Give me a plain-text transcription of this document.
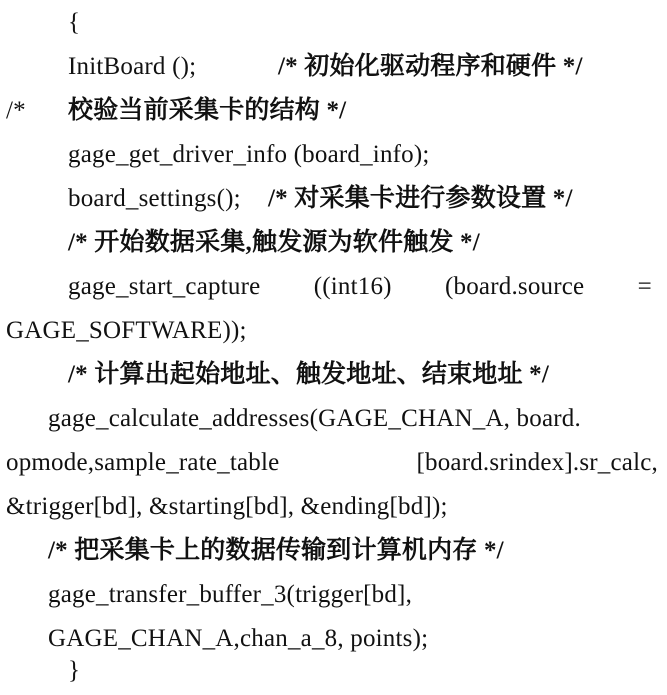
{
InitBoard ();	/* 初始化驱动程序和硬件 */
/* 校验当前采集卡的结构 */
gage_get_driver_info (board_info);
board_settings(); /* 对采集卡进行参数设置 */
/* 开始数据采集,触发源为软件触发 */
gage_start_capture ((int16) (board.source =
GAGE_SOFTWARE));
/* 计算出起始地址、触发地址、结束地址 */
gage_calculate_addresses(GAGE_CHAN_A, board.
opmode,sample_rate_table	[board.srindex].sr_calc,
&trigger[bd], &starting[bd], &ending[bd]);
/* 把采集卡上的数据传输到计算机内存 */
gage_transfer_buffer_3(trigger[bd],
GAGE_CHAN_A,chan_a_8, points);
}
